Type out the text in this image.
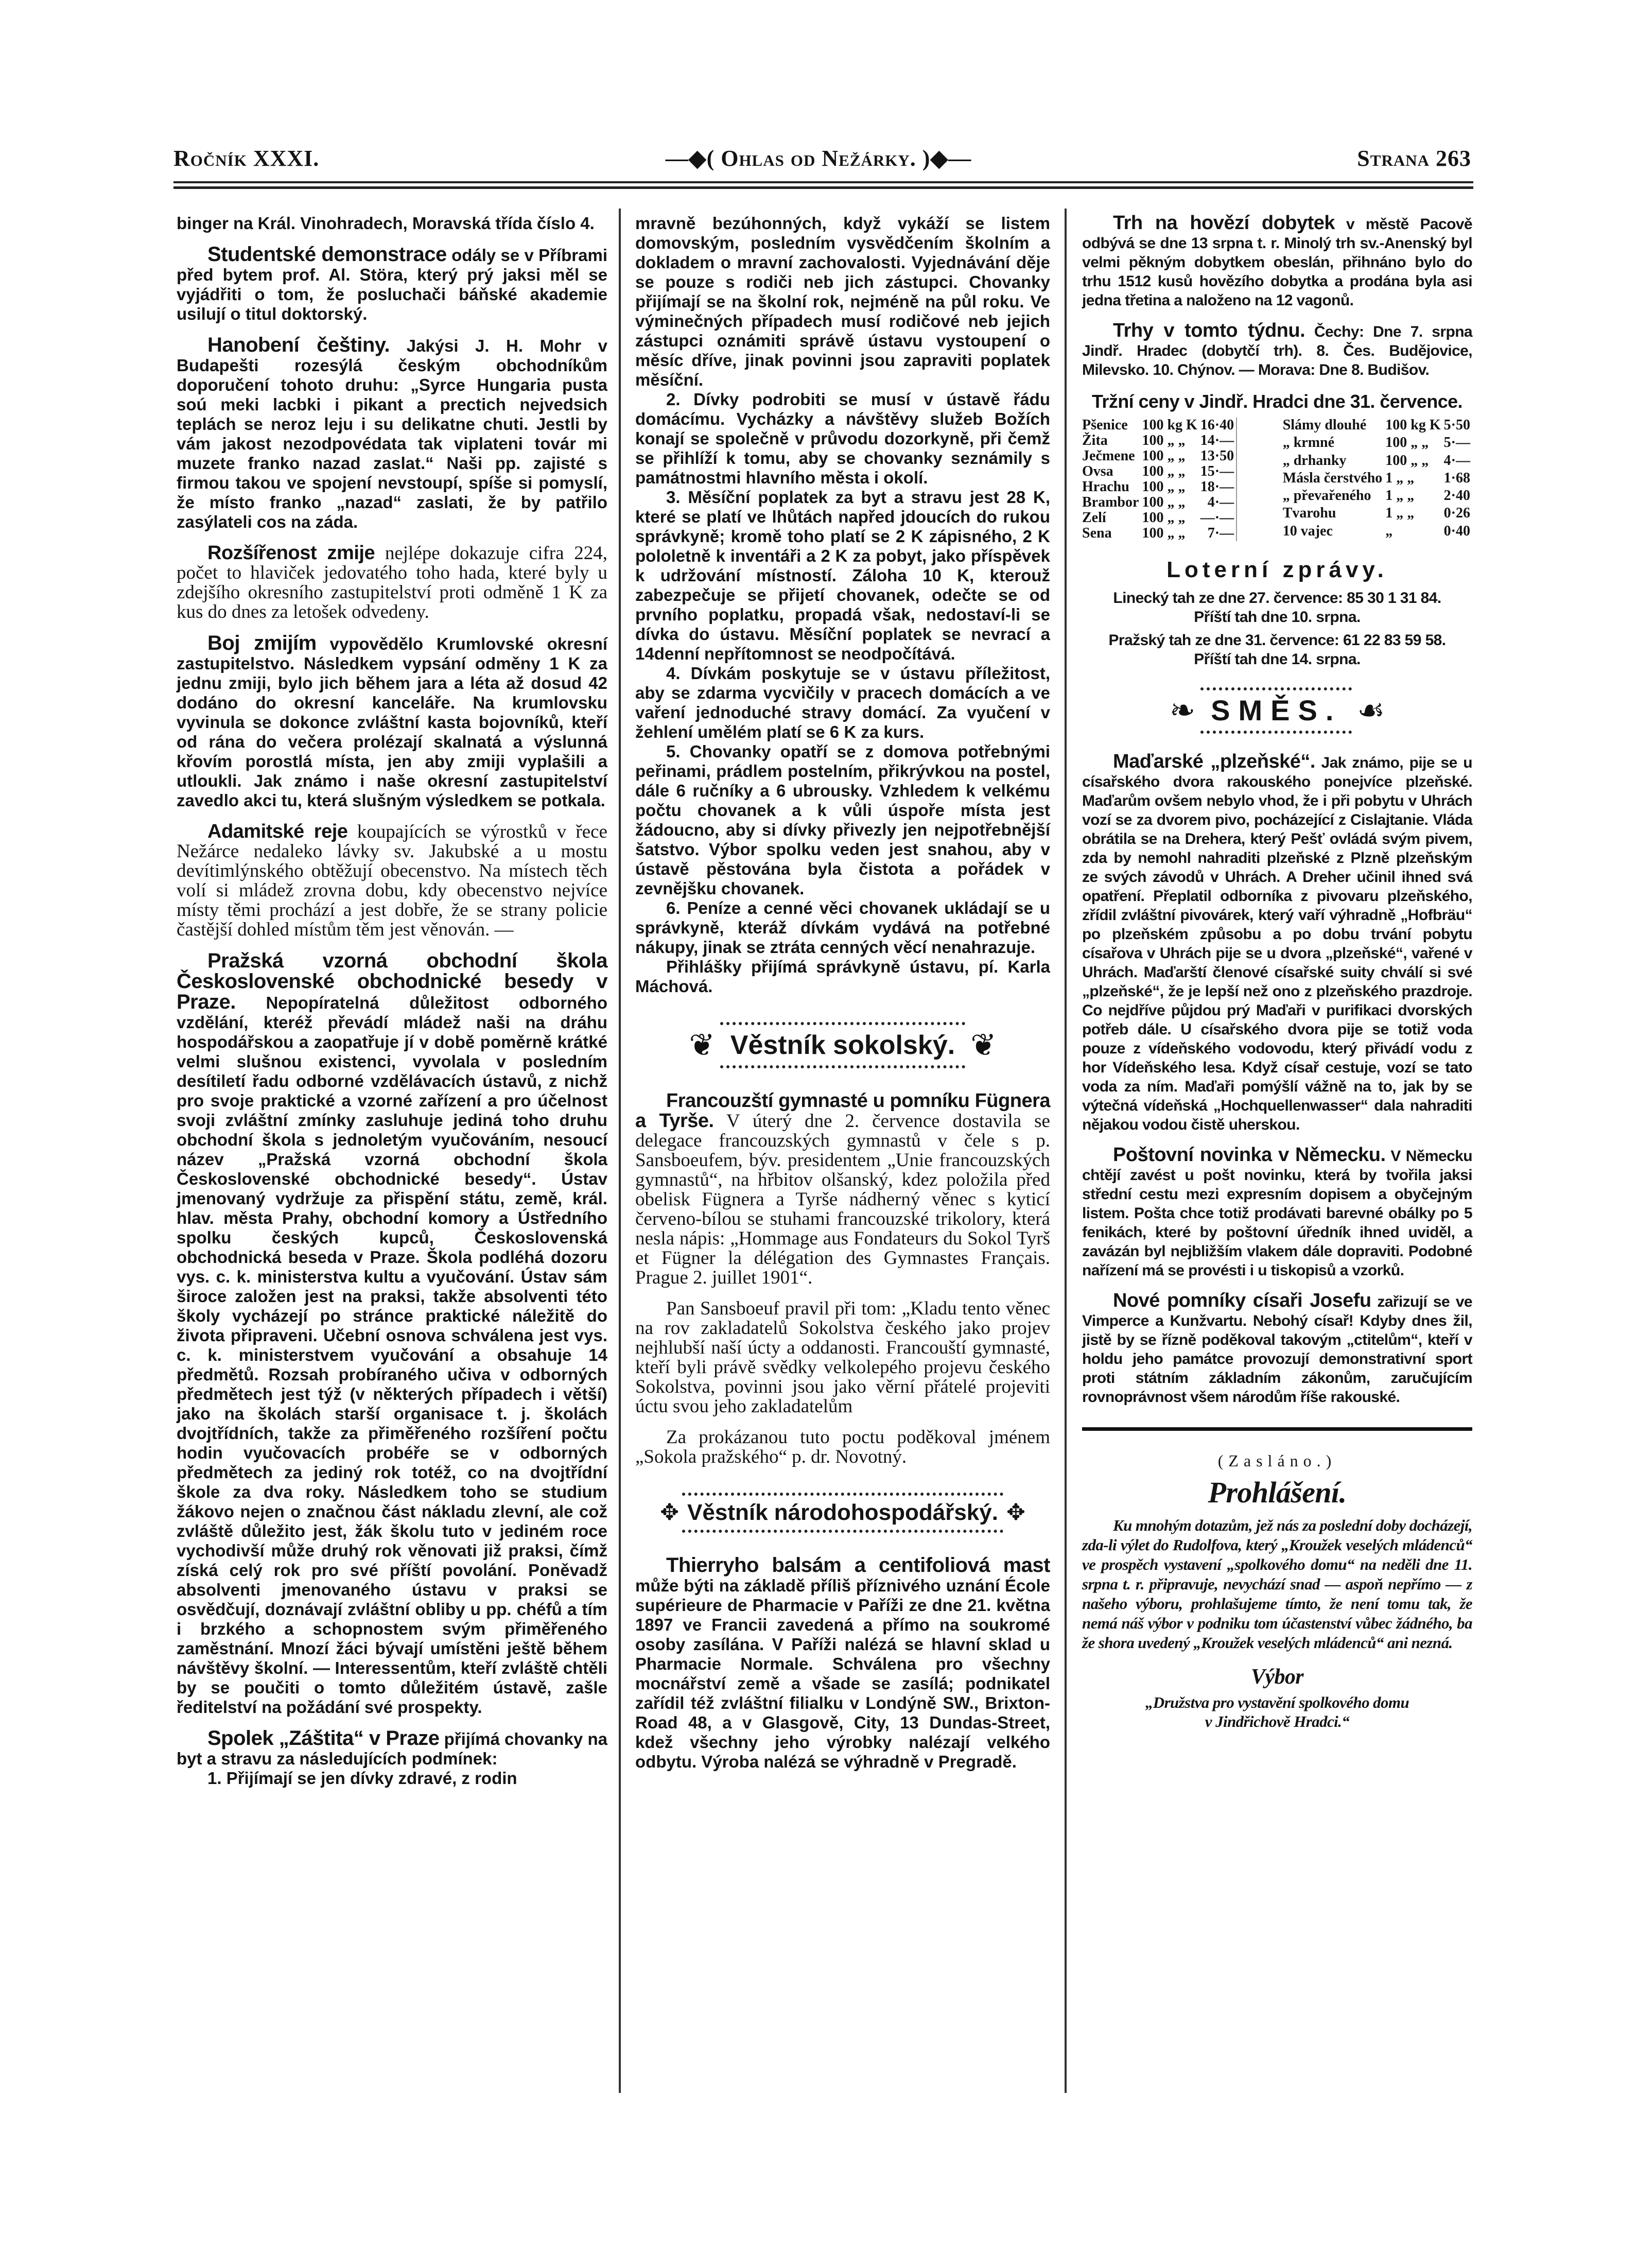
Ročník XXXI.	—◆( Ohlas od Nežárky. )◆—	Strana 263

binger na Král. Vinohradech, Moravská třída číslo 4.

Studentské demonstrace odály se v Příbrami před bytem prof. Al. Störa, který prý jaksi měl se vyjádřiti o tom, že posluchači báňské akademie usilují o titul doktorský.

Hanobení češtiny. Jakýsi J. H. Mohr v Budapešti rozesýlá českým obchodníkům doporučení tohoto druhu: „Syrce Hungaria pusta soú meki lacbki i pikant a prectich nejvedsich teplách se neroz leju i su delikatne chuti. Jestli by vám jakost nezodpovédata tak viplateni továr mi muzete franko nazad zaslat.“ Naši pp. zajisté s firmou takou ve spojení nevstoupí, spíše si pomyslí, že místo franko „nazad“ zaslati, že by patřilo zasýlateli cos na záda.

Rozšířenost zmije nejlépe dokazuje cifra 224, počet to hlaviček jedovatého toho hada, které byly u zdejšího okresního zastupitelství proti odměně 1 K za kus do dnes za letošek odvedeny.

Boj zmijím vypovědělo Krumlovské okresní zastupitelstvo. Následkem vypsání odměny 1 K za jednu zmiji, bylo jich během jara a léta až dosud 42 dodáno do okresní kanceláře. Na krumlovsku vyvinula se dokonce zvláštní kasta bojovníků, kteří od rána do večera prolézají skalnatá a výslunná křovím porostlá místa, jen aby zmiji vyplašili a utloukli. Jak známo i naše okresní zastupitelství zavedlo akci tu, která slušným výsledkem se potkala.

Adamitské reje koupajících se výrostků v řece Nežárce nedaleko lávky sv. Jakubské a u mostu devítimlýnského obtěžují obecenstvo. Na místech těch volí si mládež zrovna dobu, kdy obecenstvo nejvíce místy těmi prochází a jest dobře, že se strany policie častější dohled místům těm jest věnován. —

Pražská vzorná obchodní škola Československé obchodnické besedy v Praze. Nepopíratelná důležitost odborného vzdělání, kteréž převádí mládež naši na dráhu hospodářskou a zaopatřuje jí v době poměrně krátké velmi slušnou existenci, vyvolala v posledním desítiletí řadu odborné vzdělávacích ústavů, z nichž pro svoje praktické a vzorné zařízení a pro účelnost svoji zvláštní zmínky zasluhuje jediná toho druhu obchodní škola s jednoletým vyučováním, nesoucí název „Pražská vzorná obchodní škola Československé obchodnické besedy“. Ústav jmenovaný vydržuje za přispění státu, země, král. hlav. města Prahy, obchodní komory a Ústředního spolku českých kupců, Československá obchodnická beseda v Praze. Škola podléhá dozoru vys. c. k. ministerstva kultu a vyučování. Ústav sám široce založen jest na praksi, takže absolventi této školy vycházejí po stránce praktické náležitě do života připraveni. Učební osnova schválena jest vys. c. k. ministerstvem vyučování a obsahuje 14 předmětů. Rozsah probíraného učiva v odborných předmětech jest týž (v některých případech i větší) jako na školách starší organisace t. j. školách dvojtřídních, takže za přiměřeného rozšíření počtu hodin vyučovacích probéře se v odborných předmětech za jediný rok totéž, co na dvojtřídní škole za dva roky. Následkem toho se studium žákovo nejen o značnou část nákladu zlevní, ale což zvláště důležito jest, žák školu tuto v jediném roce vychodivší může druhý rok věnovati již praksi, čímž získá celý rok pro své příští povolání. Poněvadž absolventi jmenovaného ústavu v praksi se osvědčují, doznávají zvláštní obliby u pp. chéfů a tím i brzkého a schopnostem svým přiměřeného zaměstnání. Mnozí žáci bývají umístěni ještě během návštěvy školní. — Interessentům, kteří zvláště chtěli by se poučiti o tomto důležitém ústavě, zašle ředitelství na požádání své prospekty.

Spolek „Záštita“ v Praze přijímá chovanky na byt a stravu za následujících podmínek:

1. Přijímají se jen dívky zdravé, z rodin

mravně bezúhonných, když vykáží se listem domovským, posledním vysvědčením školním a dokladem o mravní zachovalosti. Vyjednávání děje se pouze s rodiči neb jich zástupci. Chovanky přijímají se na školní rok, nejméně na půl roku. Ve výminečných případech musí rodičové neb jejich zástupci oznámiti správě ústavu vystoupení o měsíc dříve, jinak povinni jsou zapraviti poplatek měsíční.

2. Dívky podrobiti se musí v ústavě řádu domácímu. Vycházky a návštěvy služeb Božích konají se společně v průvodu dozorkyně, při čemž se přihlíží k tomu, aby se chovanky seznámily s památnostmi hlavního města i okolí.

3. Měsíční poplatek za byt a stravu jest 28 K, které se platí ve lhůtách napřed jdoucích do rukou správkyně; kromě toho platí se 2 K zápisného, 2 K pololetně k inventáři a 2 K za pobyt, jako příspěvek k udržování místností. Záloha 10 K, kterouž zabezpečuje se přijetí chovanek, odečte se od prvního poplatku, propadá však, nedostaví-li se dívka do ústavu. Měsíční poplatek se nevrací a 14denní nepřítomnost se neodpočítává.

4. Dívkám poskytuje se v ústavu příležitost, aby se zdarma vycvičily v pracech domácích a ve vaření jednoduché stravy domácí. Za vyučení v žehlení umělém platí se 6 K za kurs.

5. Chovanky opatří se z domova potřebnými peřinami, prádlem postelním, přikrývkou na postel, dále 6 ručníky a 6 ubrousky. Vzhledem k velkému počtu chovanek a k vůli úspoře místa jest žádoucno, aby si dívky přivezly jen nejpotřebnější šatstvo. Výbor spolku veden jest snahou, aby v ústavě pěstována byla čistota a pořádek v zevnějšku chovanek.

6. Peníze a cenné věci chovanek ukládají se u správkyně, kteráž dívkám vydává na potřebné nákupy, jinak se ztráta cenných věcí nenahrazuje.

Přihlášky přijímá správkyně ústavu, pí. Karla Máchová.

❦ Věstník sokolský. ❦

Francouzští gymnasté u pomníku Fügnera a Tyrše. V úterý dne 2. července dostavila se delegace francouzských gymnastů v čele s p. Sansboeufem, býv. presidentem „Unie francouzských gymnastů“, na hřbitov olšanský, kdez položila před obelisk Fügnera a Tyrše nádherný věnec s kyticí červeno-bílou se stuhami francouzské trikolory, která nesla nápis: „Hommage aus Fondateurs du Sokol Tyrš et Fügner la délégation des Gymnastes Français. Prague 2. juillet 1901“.

Pan Sansboeuf pravil při tom: „Kladu tento věnec na rov zakladatelů Sokolstva českého jako projev nejhlubší naší úcty a oddanosti. Francouští gymnasté, kteří byli právě svědky velkolepého projevu českého Sokolstva, povinni jsou jako věrní přátelé projeviti úctu svou jeho zakladatelům

Za prokázanou tuto poctu poděkoval jménem „Sokola pražského“ p. dr. Novotný.

✥ Věstník národohospodářský. ✥

Thierryho balsám a centifoliová mast může býti na základě příliš příznivého uznání École supérieure de Pharmacie v Paříži ze dne 21. května 1897 ve Francii zavedená a přímo na soukromé osoby zasílána. V Paříži nalézá se hlavní sklad u Pharmacie Normale. Schválena pro všechny mocnářství země a všade se zasílá; podnikatel zařídil též zvláštní filialku v Londýně SW., Brixton-Road 48, a v Glasgově, City, 13 Dundas-Street, kdež všechny jeho výrobky nalézají velkého odbytu. Výroba nalézá se výhradně v Pregradě.

Trh na hovězí dobytek v městě Pacově odbývá se dne 13 srpna t. r. Minolý trh sv.-Anenský byl velmi pěkným dobytkem obeslán, přihnáno bylo do trhu 1512 kusů hovězího dobytka a prodána byla asi jedna třetina a naloženo na 12 vagonů.

Trhy v tomto týdnu. Čechy: Dne 7. srpna Jindř. Hradec (dobytčí trh). 8. Čes. Budějovice, Milevsko. 10. Chýnov. — Morava: Dne 8. Budišov.

Tržní ceny v Jindř. Hradci dne 31. července.
Pšenice	100 kg K	16·40
Žita	100 „ „	14·—
Ječmene	100 „ „	13·50
Ovsa	100 „ „	15·—
Hrachu	100 „ „	18·—
Brambor	100 „ „	4·—
Zelí	100 „ „	—·—
Sena	100 „ „	7·—
Slámy dlouhé	100 kg K	5·50
„ krmné	100 „ „	5·—
„ drhanky	100 „ „	4·—
Másla čerstvého	1 „ „	1·68
„ převařeného	1 „ „	2·40
Tvarohu	1 „ „	0·26
10 vajec	„	0·40
Loterní zprávy.
Linecký tah ze dne 27. července: 85 30 1 31 84.
Příští tah dne 10. srpna.
Pražský tah ze dne 31. července: 61 22 83 59 58.
Příští tah dne 14. srpna.
❧ SMĚS. ☙

Maďarské „plzeňské“. Jak známo, pije se u císařského dvora rakouského ponejvíce plzeňské. Maďarům ovšem nebylo vhod, že i při pobytu v Uhrách vozí se za dvorem pivo, pocházející z Cislajtanie. Vláda obrátila se na Drehera, který Pešť ovládá svým pivem, zda by nemohl nahraditi plzeňské z Plzně plzeňským ze svých závodů v Uhrách. A Dreher učinil ihned svá opatření. Přeplatil odborníka z pivovaru plzeňského, zřídil zvláštní pivovárek, který vaří výhradně „Hofbräu“ po plzeňském způsobu a po dobu trvání pobytu císařova v Uhrách pije se u dvora „plzeňské“, vařené v Uhrách. Maďarští členové císařské suity chválí si své „plzeňské“, že je lepší než ono z plzeňského prazdroje. Co nejdříve půjdou prý Maďaři v purifikaci dvorských potřeb dále. U císařského dvora pije se totiž voda pouze z vídeňského vodovodu, který přivádí vodu z hor Vídeňského lesa. Když císař cestuje, vozí se tato voda za ním. Maďaři pomýšlí vážně na to, jak by se výtečná vídeňská „Hochquellenwasser“ dala nahraditi nějakou vodou čistě uherskou.

Poštovní novinka v Německu. V Německu chtějí zavést u pošt novinku, která by tvořila jaksi střední cestu mezi expresním dopisem a obyčejným listem. Pošta chce totiž prodávati barevné obálky po 5 fenikách, které by poštovní úředník ihned uviděl, a zavázán byl nejbližším vlakem dále dopraviti. Podobné nařízení má se provésti i u tiskopisů a vzorků.

Nové pomníky císaři Josefu zařizují se ve Vimperce a Kunžvartu. Nebohý císař! Kdyby dnes žil, jistě by se řízně poděkoval takovým „ctitelům“, kteří v holdu jeho památce provozují demonstrativní sport proti státním základním zákonům, zaručujícím rovnoprávnost všem národům říše rakouské.

(Zasláno.)
Prohlášení.

Ku mnohým dotazům, jež nás za poslední doby docházejí, zda-li výlet do Rudolfova, který „Kroužek veselých mládenců“ ve prospěch vystavení „spolkového domu“ na neděli dne 11. srpna t. r. připravuje, nevychází snad — aspoň nepřímo — z našeho výboru, prohlašujeme tímto, že není tomu tak, že nemá náš výbor v podniku tom účastenství vůbec žádného, ba že shora uvedený „Kroužek veselých mládenců“ ani nezná.

Výbor
„Družstva pro vystavění spolkového domu
v Jindřichově Hradci.“
